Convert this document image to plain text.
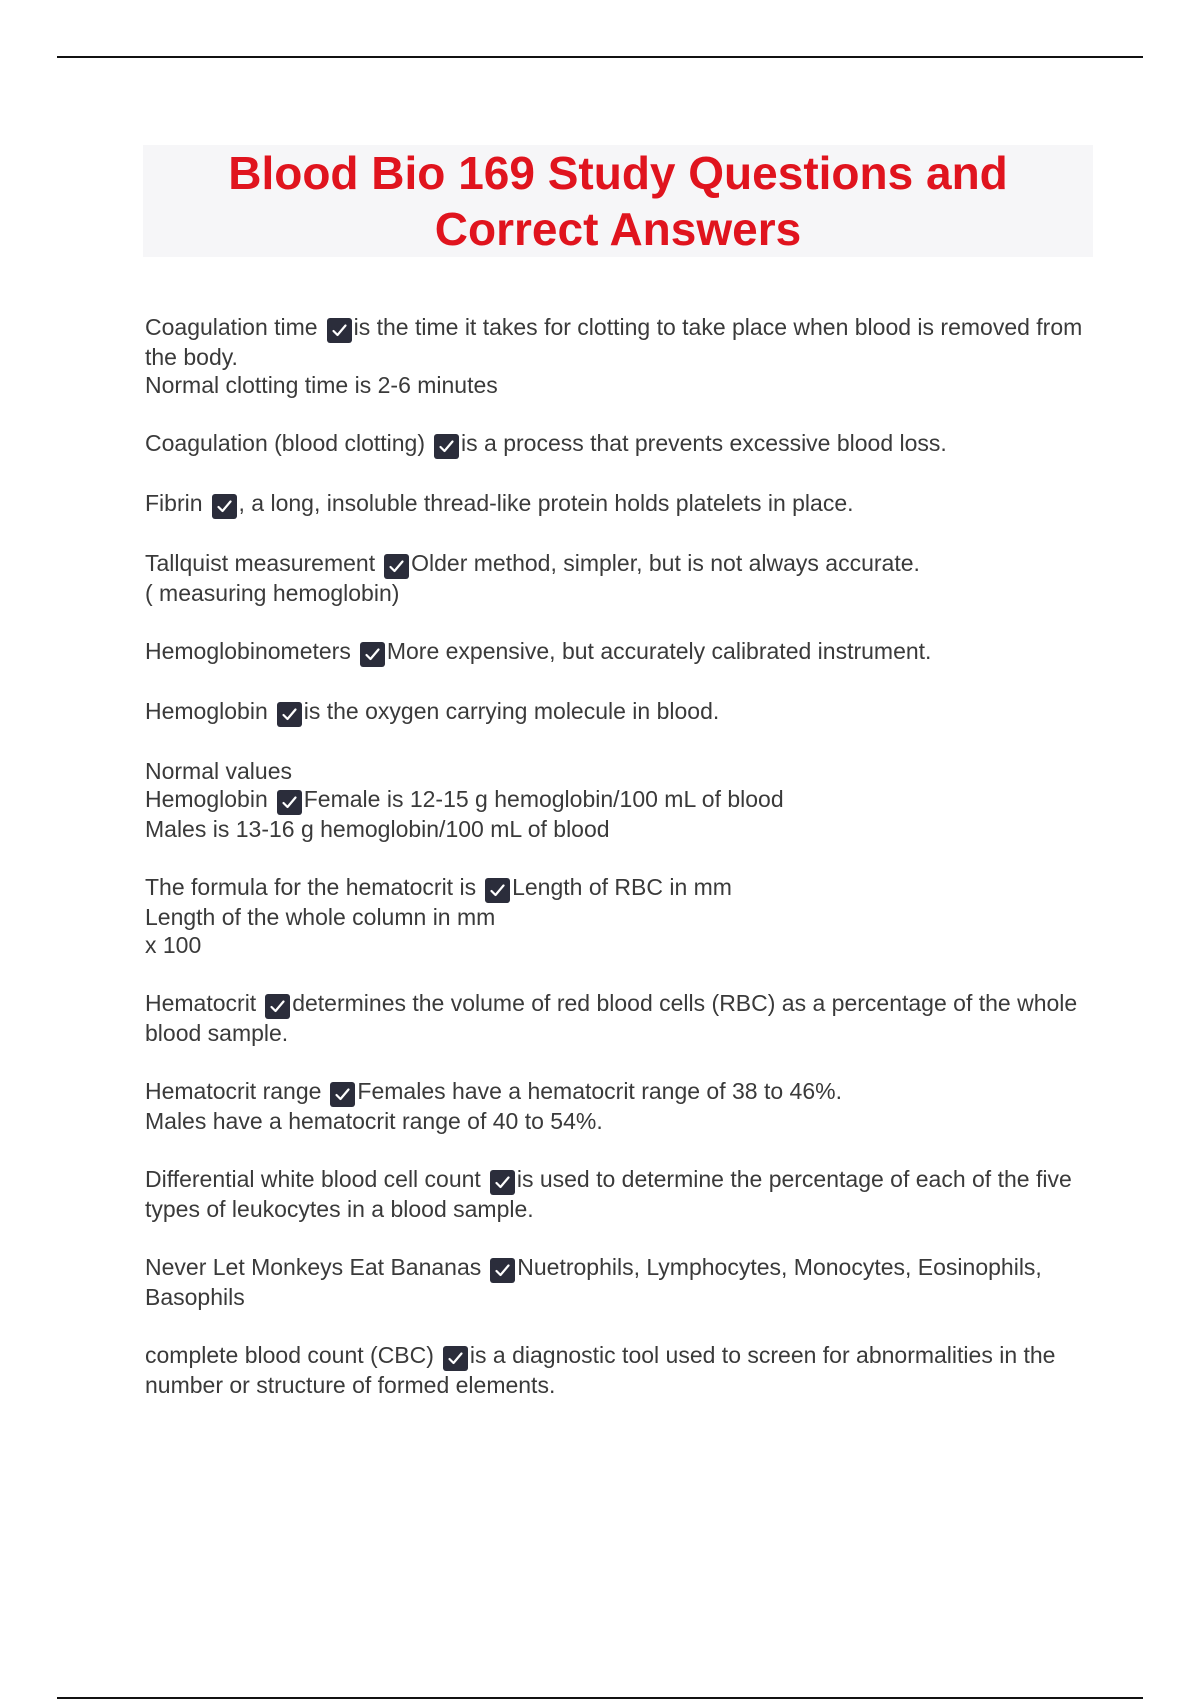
Blood Bio 169 Study Questions and Correct Answers
Coagulation time is the time it takes for clotting to take place when blood is removed from the body.
Normal clotting time is 2-6 minutes
Coagulation (blood clotting) is a process that prevents excessive blood loss.
Fibrin , a long, insoluble thread-like protein holds platelets in place.
Tallquist measurement Older method, simpler, but is not always accurate.
( measuring hemoglobin)
Hemoglobinometers More expensive, but accurately calibrated instrument.
Hemoglobin is the oxygen carrying molecule in blood.
Normal values
Hemoglobin Female is 12-15 g hemoglobin/100 mL of blood
Males is 13-16 g hemoglobin/100 mL of blood
The formula for the hematocrit is Length of RBC in mm
Length of the whole column in mm
x 100
Hematocrit determines the volume of red blood cells (RBC) as a percentage of the whole blood sample.
Hematocrit range Females have a hematocrit range of 38 to 46%.
Males have a hematocrit range of 40 to 54%.
Differential white blood cell count is used to determine the percentage of each of the five types of leukocytes in a blood sample.
Never Let Monkeys Eat Bananas Nuetrophils, Lymphocytes, Monocytes, Eosinophils, Basophils
complete blood count (CBC) is a diagnostic tool used to screen for abnormalities in the number or structure of formed elements.
